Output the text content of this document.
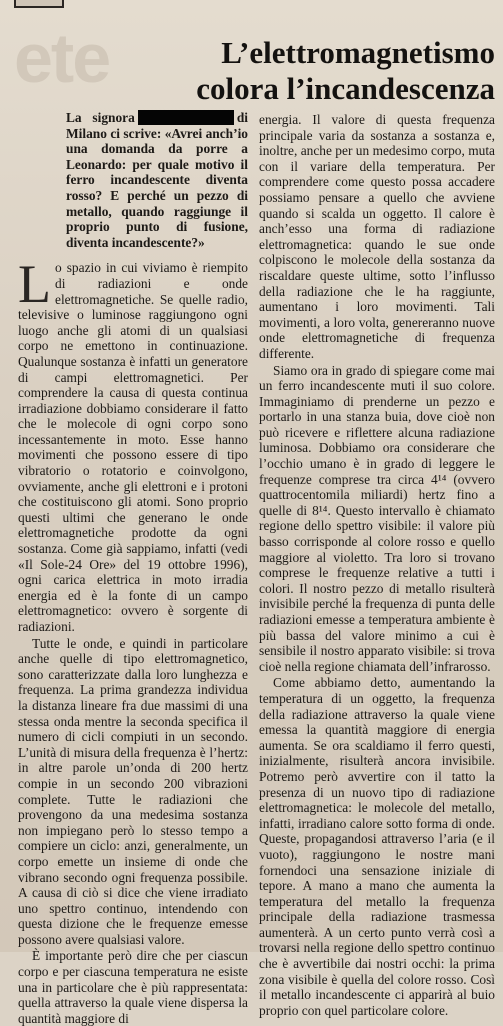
ete	L’elettromagnetismo
colora l’incandescenza

La signora	di Milano ci scrive: «Avrei anch’io una domanda da porre a Leonardo: per quale motivo il ferro incandescente diventa rosso? E perché un pezzo di metallo, quando raggiunge il proprio punto di fusione, diventa incandescente?»

Lo spazio in cui viviamo è riempito di radiazioni e onde elettromagnetiche. Se quelle radio, televisive o luminose raggiungono ogni luogo anche gli atomi di un qualsiasi corpo ne emettono in continuazione. Qualunque sostanza è infatti un generatore di campi elettromagnetici. Per comprendere la causa di questa continua irradiazione dobbiamo considerare il fatto che le molecole di ogni corpo sono incessantemente in moto. Esse hanno movimenti che possono essere di tipo vibratorio o rotatorio e coinvolgono, ovviamente, anche gli elettroni e i protoni che costituiscono gli atomi. Sono proprio questi ultimi che generano le onde elettromagnetiche prodotte da ogni sostanza. Come già sappiamo, infatti (vedi «Il Sole-24 Ore» del 19 ottobre 1996), ogni carica elettrica in moto irradia energia ed è la fonte di un campo elettromagnetico: ovvero è sorgente di radiazioni.

Tutte le onde, e quindi in particolare anche quelle di tipo elettromagnetico, sono caratterizzate dalla loro lunghezza e frequenza. La prima grandezza individua la distanza lineare fra due massimi di una stessa onda mentre la seconda specifica il numero di cicli compiuti in un secondo. L’unità di misura della frequenza è l’hertz: in altre parole un’onda di 200 hertz compie in un secondo 200 vibrazioni complete. Tutte le radiazioni che provengono da una medesima sostanza non impiegano però lo stesso tempo a compiere un ciclo: anzi, generalmente, un corpo emette un insieme di onde che vibrano secondo ogni frequenza possibile. A causa di ciò si dice che viene irradiato uno spettro continuo, intendendo con questa dizione che le frequenze emesse possono avere qualsiasi valore.

È importante però dire che per ciascun corpo e per ciascuna temperatura ne esiste una in particolare che è più rappresentata: quella attraverso la quale viene dispersa la quantità maggiore di

energia. Il valore di questa frequenza principale varia da sostanza a sostanza e, inoltre, anche per un medesimo corpo, muta con il variare della temperatura. Per comprendere come questo possa accadere possiamo pensare a quello che avviene quando si scalda un oggetto. Il calore è anch’esso una forma di radiazione elettromagnetica: quando le sue onde colpiscono le molecole della sostanza da riscaldare queste ultime, sotto l’influsso della radiazione che le ha raggiunte, aumentano i loro movimenti. Tali movimenti, a loro volta, genereranno nuove onde elettromagnetiche di frequenza differente.

Siamo ora in grado di spiegare come mai un ferro incandescente muti il suo colore. Immaginiamo di prenderne un pezzo e portarlo in una stanza buia, dove cioè non può ricevere e riflettere alcuna radiazione luminosa. Dobbiamo ora considerare che l’occhio umano è in grado di leggere le frequenze comprese tra circa 4¹⁴ (ovvero quattrocentomila miliardi) hertz fino a quelle di 8¹⁴. Questo intervallo è chiamato regione dello spettro visibile: il valore più basso corrisponde al colore rosso e quello maggiore al violetto. Tra loro si trovano comprese le frequenze relative a tutti i colori. Il nostro pezzo di metallo risulterà invisibile perché la frequenza di punta delle radiazioni emesse a temperatura ambiente è più bassa del valore minimo a cui è sensibile il nostro apparato visibile: si trova cioè nella regione chiamata dell’infrarosso.

Come abbiamo detto, aumentando la temperatura di un oggetto, la frequenza della radiazione attraverso la quale viene emessa la quantità maggiore di energia aumenta. Se ora scaldiamo il ferro questi, inizialmente, risulterà ancora invisibile. Potremo però avvertire con il tatto la presenza di un nuovo tipo di radiazione elettromagnetica: le molecole del metallo, infatti, irradiano calore sotto forma di onde. Queste, propagandosi attraverso l’aria (e il vuoto), raggiungono le nostre mani fornendoci una sensazione iniziale di tepore. A mano a mano che aumenta la temperatura del metallo la frequenza principale della radiazione trasmessa aumenterà. A un certo punto verrà così a trovarsi nella regione dello spettro continuo che è avvertibile dai nostri occhi: la prima zona visibile è quella del colore rosso. Così il metallo incandescente ci apparirà al buio proprio con quel particolare colore.
